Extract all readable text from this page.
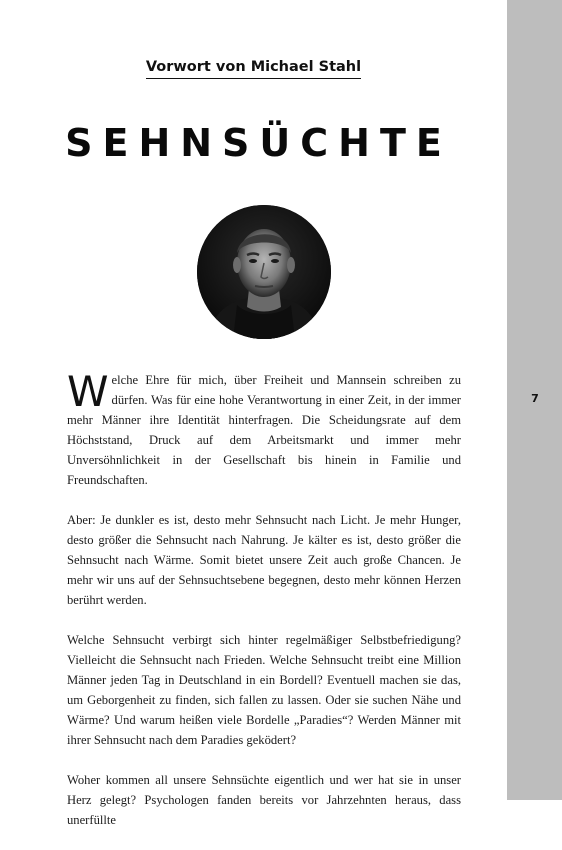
7
Vorwort von Michael Stahl
SEHNSÜCHTE

Welche Ehre für mich, über Freiheit und Mannsein schreiben zu dürfen. Was für eine hohe Verantwortung in einer Zeit, in der immer mehr Männer ihre Identität hinterfragen. Die Scheidungsrate auf dem Höchststand, Druck auf dem Arbeitsmarkt und immer mehr Unversöhnlichkeit in der Gesellschaft bis hinein in Familie und Freundschaften.

Aber: Je dunkler es ist, desto mehr Sehnsucht nach Licht. Je mehr Hunger, desto größer die Sehnsucht nach Nahrung. Je kälter es ist, desto größer die Sehnsucht nach Wärme. Somit bietet unsere Zeit auch große Chancen. Je mehr wir uns auf der Sehnsuchtsebene begegnen, desto mehr können Herzen berührt werden.

Welche Sehnsucht verbirgt sich hinter regelmäßiger Selbstbefriedigung? Vielleicht die Sehnsucht nach Frieden. Welche Sehnsucht treibt eine Million Männer jeden Tag in Deutschland in ein Bordell? Eventuell machen sie das, um Geborgenheit zu finden, sich fallen zu lassen. Oder sie suchen Nähe und Wärme? Und warum heißen viele Bordelle „Paradies“? Werden Männer mit ihrer Sehnsucht nach dem Paradies geködert?

Woher kommen all unsere Sehnsüchte eigentlich und wer hat sie in unser Herz gelegt? Psychologen fanden bereits vor Jahrzehnten heraus, dass unerfüllte
